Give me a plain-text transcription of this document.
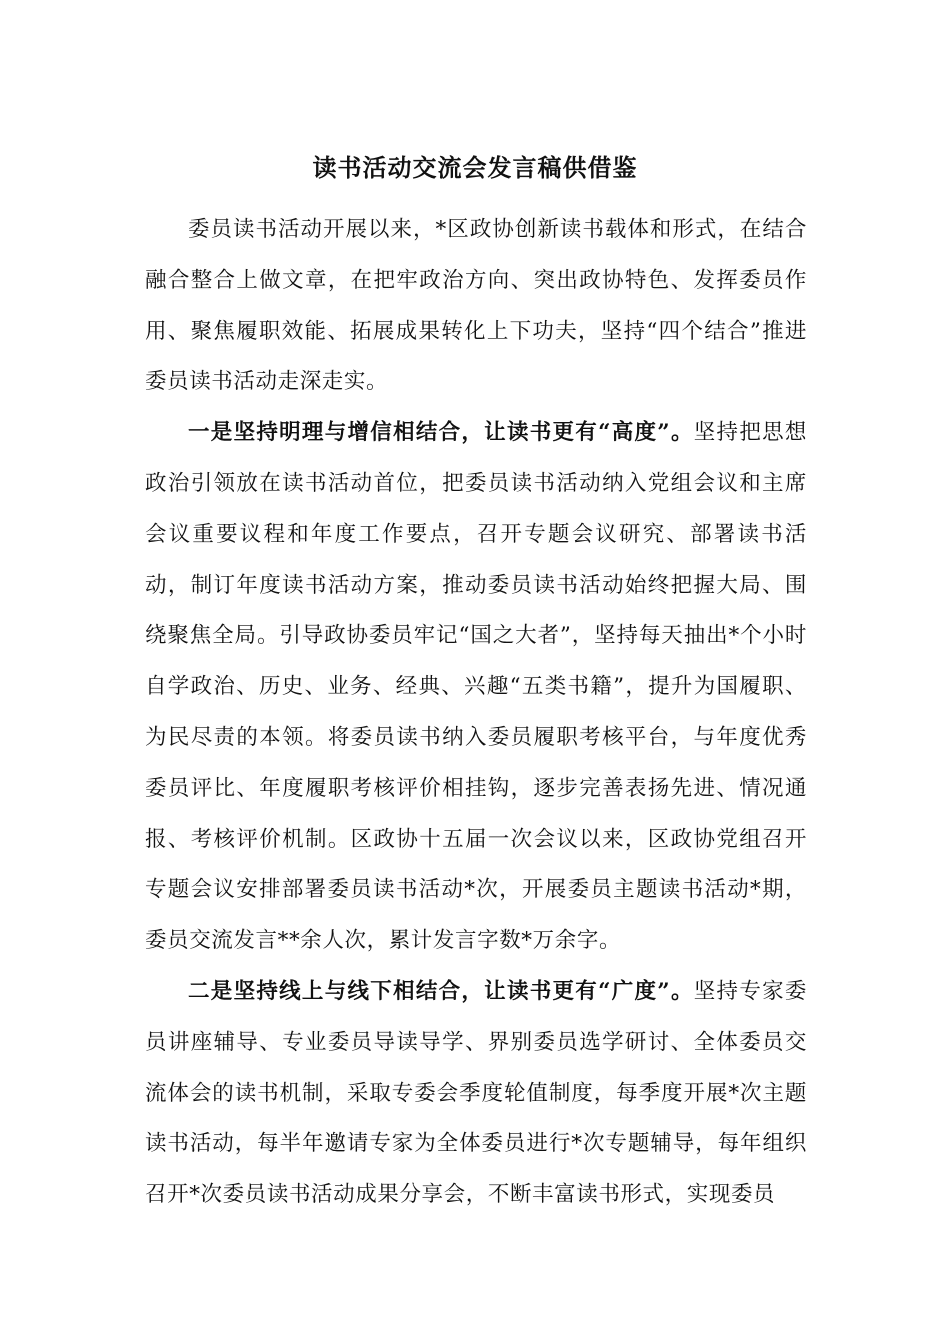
读书活动交流会发言稿供借鉴

委员读书活动开展以来，*区政协创新读书载体和形式，在结合融合整合上做文章，在把牢政治方向、突出政协特色、发挥委员作用、聚焦履职效能、拓展成果转化上下功夫，坚持“四个结合”推进委员读书活动走深走实。

一是坚持明理与增信相结合，让读书更有“高度”。坚持把思想政治引领放在读书活动首位，把委员读书活动纳入党组会议和主席会议重要议程和年度工作要点，召开专题会议研究、部署读书活动，制订年度读书活动方案，推动委员读书活动始终把握大局、围绕聚焦全局。引导政协委员牢记“国之大者”，坚持每天抽出*个小时自学政治、历史、业务、经典、兴趣“五类书籍”，提升为国履职、为民尽责的本领。将委员读书纳入委员履职考核平台，与年度优秀委员评比、年度履职考核评价相挂钩，逐步完善表扬先进、情况通报、考核评价机制。区政协十五届一次会议以来，区政协党组召开专题会议安排部署委员读书活动*次，开展委员主题读书活动*期，委员交流发言**余人次，累计发言字数*万余字。

二是坚持线上与线下相结合，让读书更有“广度”。坚持专家委员讲座辅导、专业委员导读导学、界别委员选学研讨、全体委员交流体会的读书机制，采取专委会季度轮值制度，每季度开展*次主题读书活动，每半年邀请专家为全体委员进行*次专题辅导，每年组织召开*次委员读书活动成果分享会，不断丰富读书形式，实现委员
